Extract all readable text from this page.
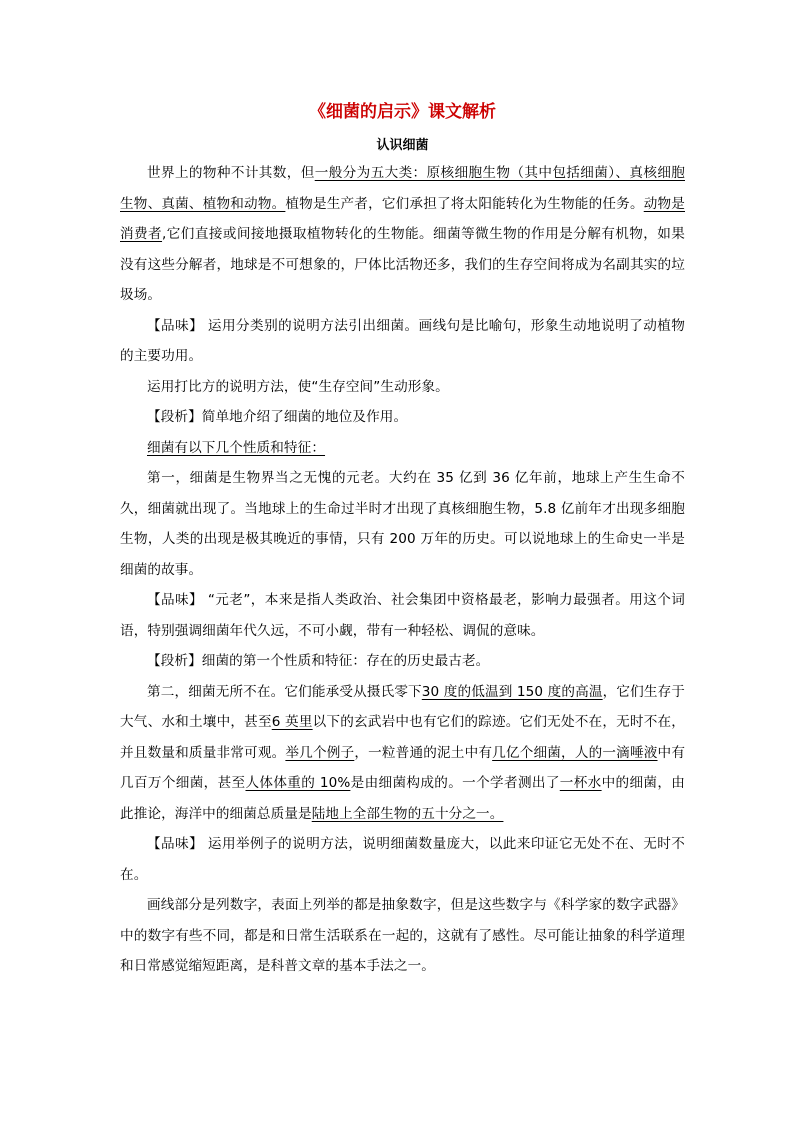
《细菌的启示》课文解析
认识细菌

世界上的物种不计其数，但一般分为五大类：原核细胞生物（其中包括细菌）、真核细胞生物、真菌、植物和动物。植物是生产者，它们承担了将太阳能转化为生物能的任务。动物是消费者,它们直接或间接地摄取植物转化的生物能。细菌等微生物的作用是分解有机物，如果没有这些分解者，地球是不可想象的，尸体比活物还多，我们的生存空间将成为名副其实的垃圾场。

【品味】 运用分类别的说明方法引出细菌。画线句是比喻句，形象生动地说明了动植物的主要功用。

运用打比方的说明方法，使“生存空间”生动形象。

【段析】简单地介绍了细菌的地位及作用。

细菌有以下几个性质和特征：

第一，细菌是生物界当之无愧的元老。大约在 35 亿到 36 亿年前，地球上产生生命不久，细菌就出现了。当地球上的生命过半时才出现了真核细胞生物，5.8 亿前年才出现多细胞生物，人类的出现是极其晚近的事情，只有 200 万年的历史。可以说地球上的生命史一半是细菌的故事。

【品味】 “元老”，本来是指人类政治、社会集团中资格最老，影响力最强者。用这个词语，特别强调细菌年代久远，不可小觑，带有一种轻松、调侃的意味。

【段析】细菌的第一个性质和特征：存在的历史最古老。

第二，细菌无所不在。它们能承受从摄氏零下30 度的低温到 150 度的高温，它们生存于大气、水和土壤中，甚至6 英里以下的玄武岩中也有它们的踪迹。它们无处不在，无时不在，并且数量和质量非常可观。举几个例子，一粒普通的泥土中有几亿个细菌，人的一滴唾液中有几百万个细菌，甚至人体体重的 10%是由细菌构成的。一个学者测出了一杯水中的细菌，由此推论，海洋中的细菌总质量是陆地上全部生物的五十分之一。

【品味】 运用举例子的说明方法，说明细菌数量庞大，以此来印证它无处不在、无时不在。

画线部分是列数字，表面上列举的都是抽象数字，但是这些数字与《科学家的数字武器》中的数字有些不同，都是和日常生活联系在一起的，这就有了感性。尽可能让抽象的科学道理和日常感觉缩短距离，是科普文章的基本手法之一。
